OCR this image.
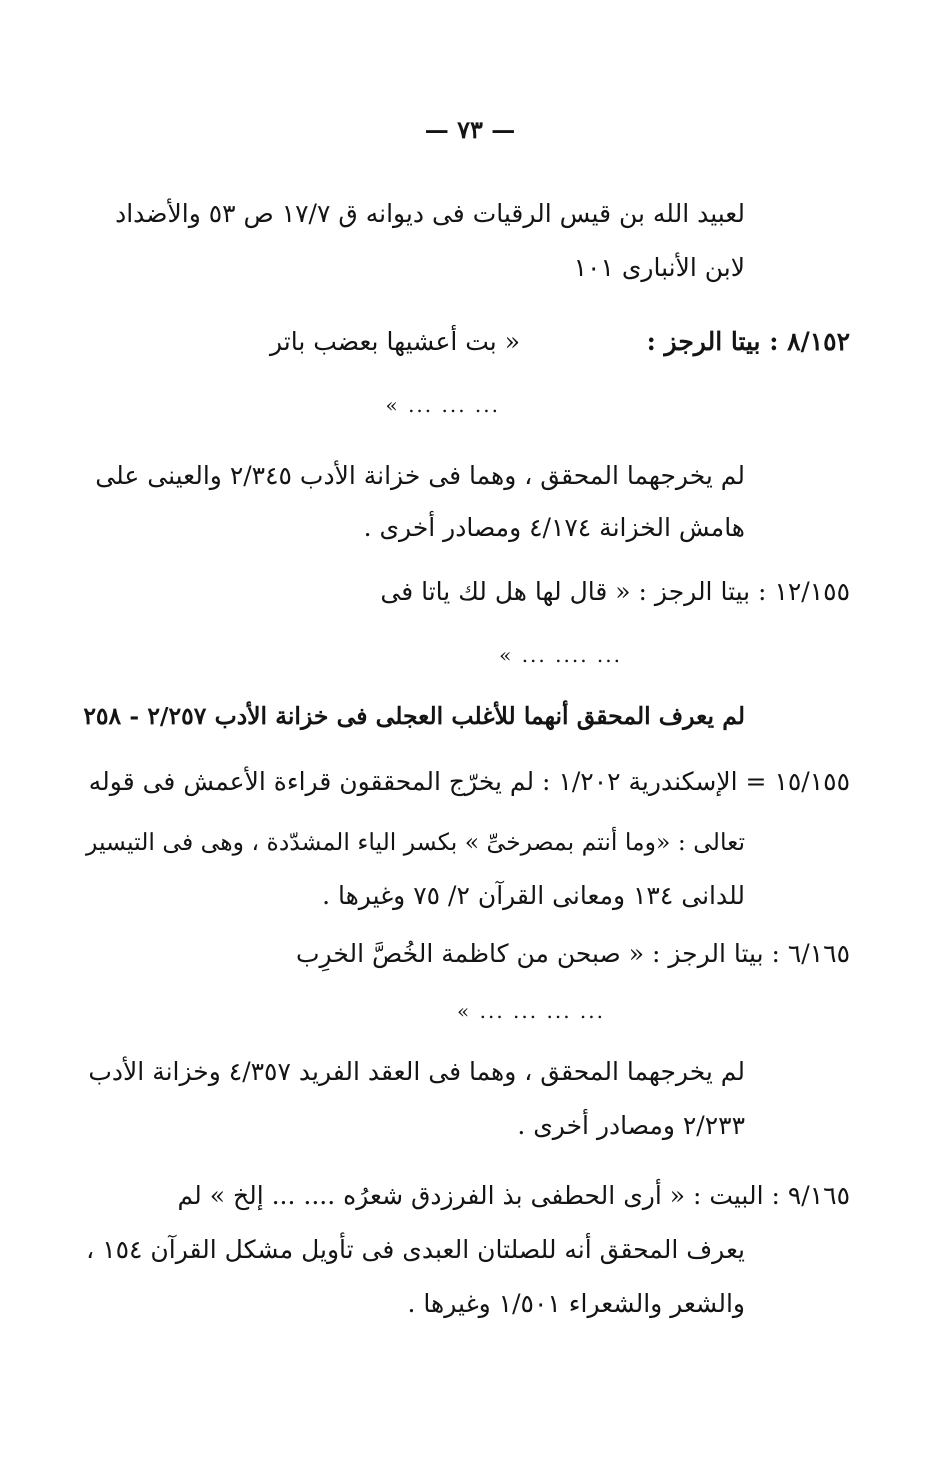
— ٧٣ —
لعبيد الله بن قيس الرقيات فى ديوانه ق ١٧/٧ ص ٥٣ والأضداد
لابن الأنبارى ١٠١
٨/١٥٢ : بيتا الرجز :
« بت أعشيها بعضب باتر
... ... ... »
لم يخرجهما المحقق ، وهما فى خزانة الأدب ٢/٣٤٥ والعينى على
هامش الخزانة ٤/١٧٤ ومصادر أخرى .
١٢/١٥٥ : بيتا الرجز : « قال لها هل لك ياتا فى
... .... ... »
لم يعرف المحقق أنهما للأغلب العجلى فى خزانة الأدب ٢/٢٥٧ - ٢٥٨
١٥/١٥٥ = الإسكندرية ١/٢٠٢ : لم يخرّج المحققون قراءة الأعمش فى قوله
تعالى : «وما أنتم بمصرخىِّ » بكسر الياء المشدّدة ، وهى فى التيسير
للدانى ١٣٤ ومعانى القرآن ٢/ ٧٥ وغيرها .
٦/١٦٥ : بيتا الرجز : « صبحن من كاظمة الخُصَّ الخرِب
... ... ... ... »
لم يخرجهما المحقق ، وهما فى العقد الفريد ٤/٣٥٧ وخزانة الأدب
٢/٢٣٣ ومصادر أخرى .
٩/١٦٥ : البيت : « أرى الحطفى بذ الفرزدق شعرُه .... ... إلخ » لم
يعرف المحقق أنه للصلتان العبدى فى تأويل مشكل القرآن ١٥٤ ،
والشعر والشعراء ١/٥٠١ وغيرها .
